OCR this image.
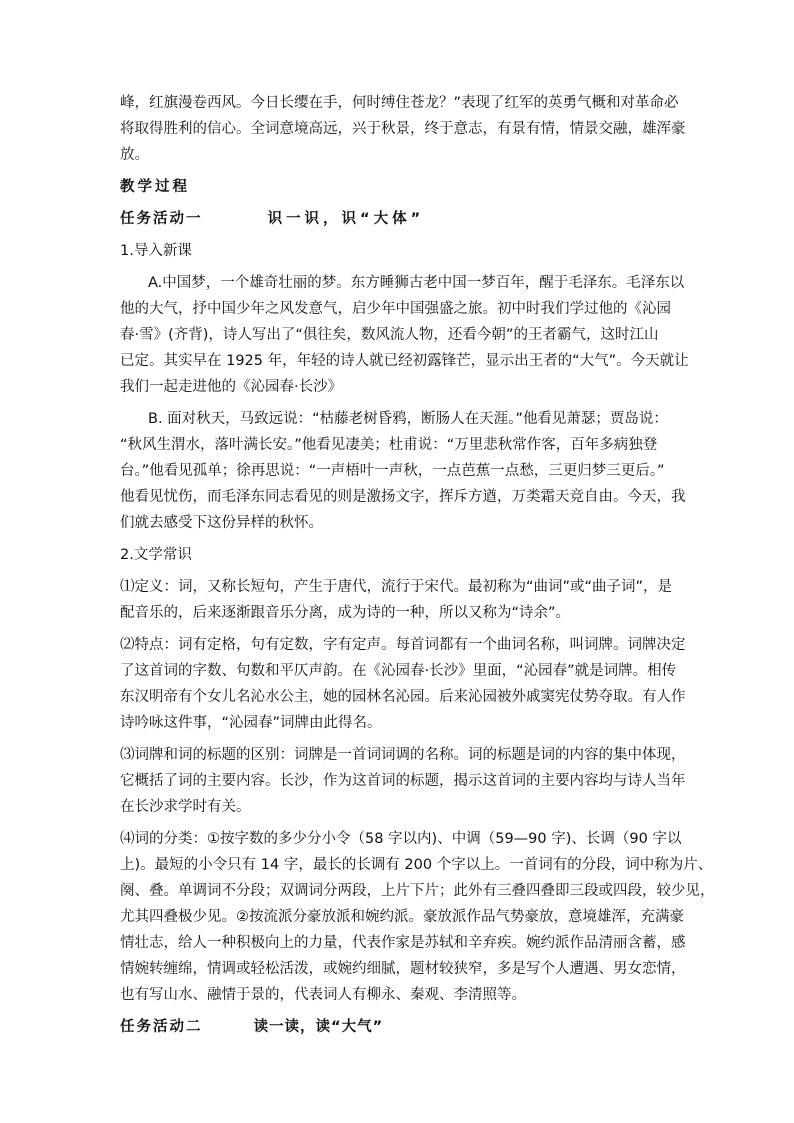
峰，红旗漫卷西风。今日长缨在手，何时缚住苍龙？”表现了红军的英勇气概和对革命必
将取得胜利的信心。全词意境高远，兴于秋景，终于意志，有景有情，情景交融，雄浑豪
放。
教学过程
任务活动一	识一识，识“大体”
1.导入新课
A.中国梦，一个雄奇壮丽的梦。东方睡狮古老中国一梦百年，醒于毛泽东。毛泽东以
他的大气，抒中国少年之风发意气，启少年中国强盛之旅。初中时我们学过他的《沁园
春·雪》(齐背)，诗人写出了“俱往矣，数风流人物，还看今朝”的王者霸气，这时江山
已定。其实早在 1925 年，年轻的诗人就已经初露锋芒，显示出王者的“大气”。今天就让
我们一起走进他的《沁园春·长沙》
B. 面对秋天，马致远说：“枯藤老树昏鸦，断肠人在天涯。”他看见萧瑟；贾岛说：
“秋风生渭水，落叶满长安。”他看见凄美；杜甫说：“万里悲秋常作客，百年多病独登
台。”他看见孤单；徐再思说：“一声梧叶一声秋，一点芭蕉一点愁，三更归梦三更后。”
他看见忧伤，而毛泽东同志看见的则是激扬文字，挥斥方遒，万类霜天竞自由。今天，我
们就去感受下这份异样的秋怀。
2.文学常识
⑴定义：词，又称长短句，产生于唐代，流行于宋代。最初称为“曲词”或“曲子词”，是
配音乐的，后来逐渐跟音乐分离，成为诗的一种，所以又称为“诗余”。
⑵特点：词有定格，句有定数，字有定声。每首词都有一个曲词名称，叫词牌。词牌决定
了这首词的字数、句数和平仄声韵。在《沁园春·长沙》里面，“沁园春”就是词牌。相传
东汉明帝有个女儿名沁水公主，她的园林名沁园。后来沁园被外戚窦宪仗势夺取。有人作
诗吟咏这件事，“沁园春”词牌由此得名。
⑶词牌和词的标题的区别：词牌是一首词词调的名称。词的标题是词的内容的集中体现，
它概括了词的主要内容。长沙，作为这首词的标题，揭示这首词的主要内容均与诗人当年
在长沙求学时有关。
⑷词的分类：①按字数的多少分小令（58 字以内)、中调（59—90 字)、长调（90 字以
上)。最短的小令只有 14 字，最长的长调有 200 个字以上。一首词有的分段，词中称为片、
阕、叠。单调词不分段；双调词分两段，上片下片；此外有三叠四叠即三段或四段，较少见，
尤其四叠极少见。②按流派分豪放派和婉约派。豪放派作品气势豪放，意境雄浑，充满豪
情壮志，给人一种积极向上的力量，代表作家是苏轼和辛弃疾。婉约派作品清丽含蓄，感
情婉转缠绵，情调或轻松活泼，或婉约细腻，题材较狭窄，多是写个人遭遇、男女恋情，
也有写山水、融情于景的，代表词人有柳永、秦观、李清照等。
任务活动二	读一读，读“大气”
